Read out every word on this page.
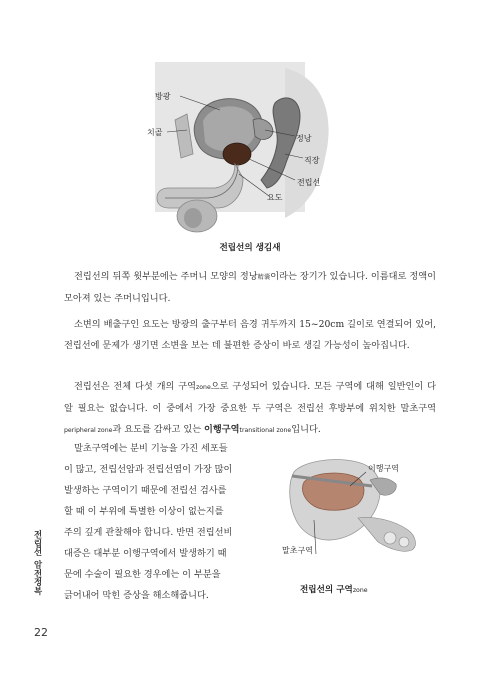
방광
치골
정낭
직장
전립선
요도
전립선의 생김새

전립선의 뒤쪽 윗부분에는 주머니 모양의 정낭精囊이라는 장기가 있습니다. 이름대로 정액이 모아져 있는 주머니입니다.

소변의 배출구인 요도는 방광의 출구부터 음경 귀두까지 15~20cm 길이로 연결되어 있어, 전립선에 문제가 생기면 소변을 보는 데 불편한 증상이 바로 생길 가능성이 높아집니다.

전립선은 전체 다섯 개의 구역zone으로 구성되어 있습니다. 모든 구역에 대해 일반인이 다 알 필요는 없습니다. 이 중에서 가장 중요한 두 구역은 전립선 후방부에 위치한 말초구역peripheral zone과 요도를 감싸고 있는 이행구역transitional zone입니다.

말초구역에는 분비 기능을 가진 세포들
이 많고, 전립선암과 전립선염이 가장 많이
발생하는 구역이기 때문에 전립선 검사를
할 때 이 부위에 특별한 이상이 없는지를
주의 깊게 관찰해야 합니다. 반면 전립선비
대증은 대부분 이행구역에서 발생하기 때
문에 수술이 필요한 경우에는 이 부분을
긁어내어 막힌 증상을 해소해줍니다.
이행구역
말초구역
전립선의 구역zone
전립선 암전정복
22
